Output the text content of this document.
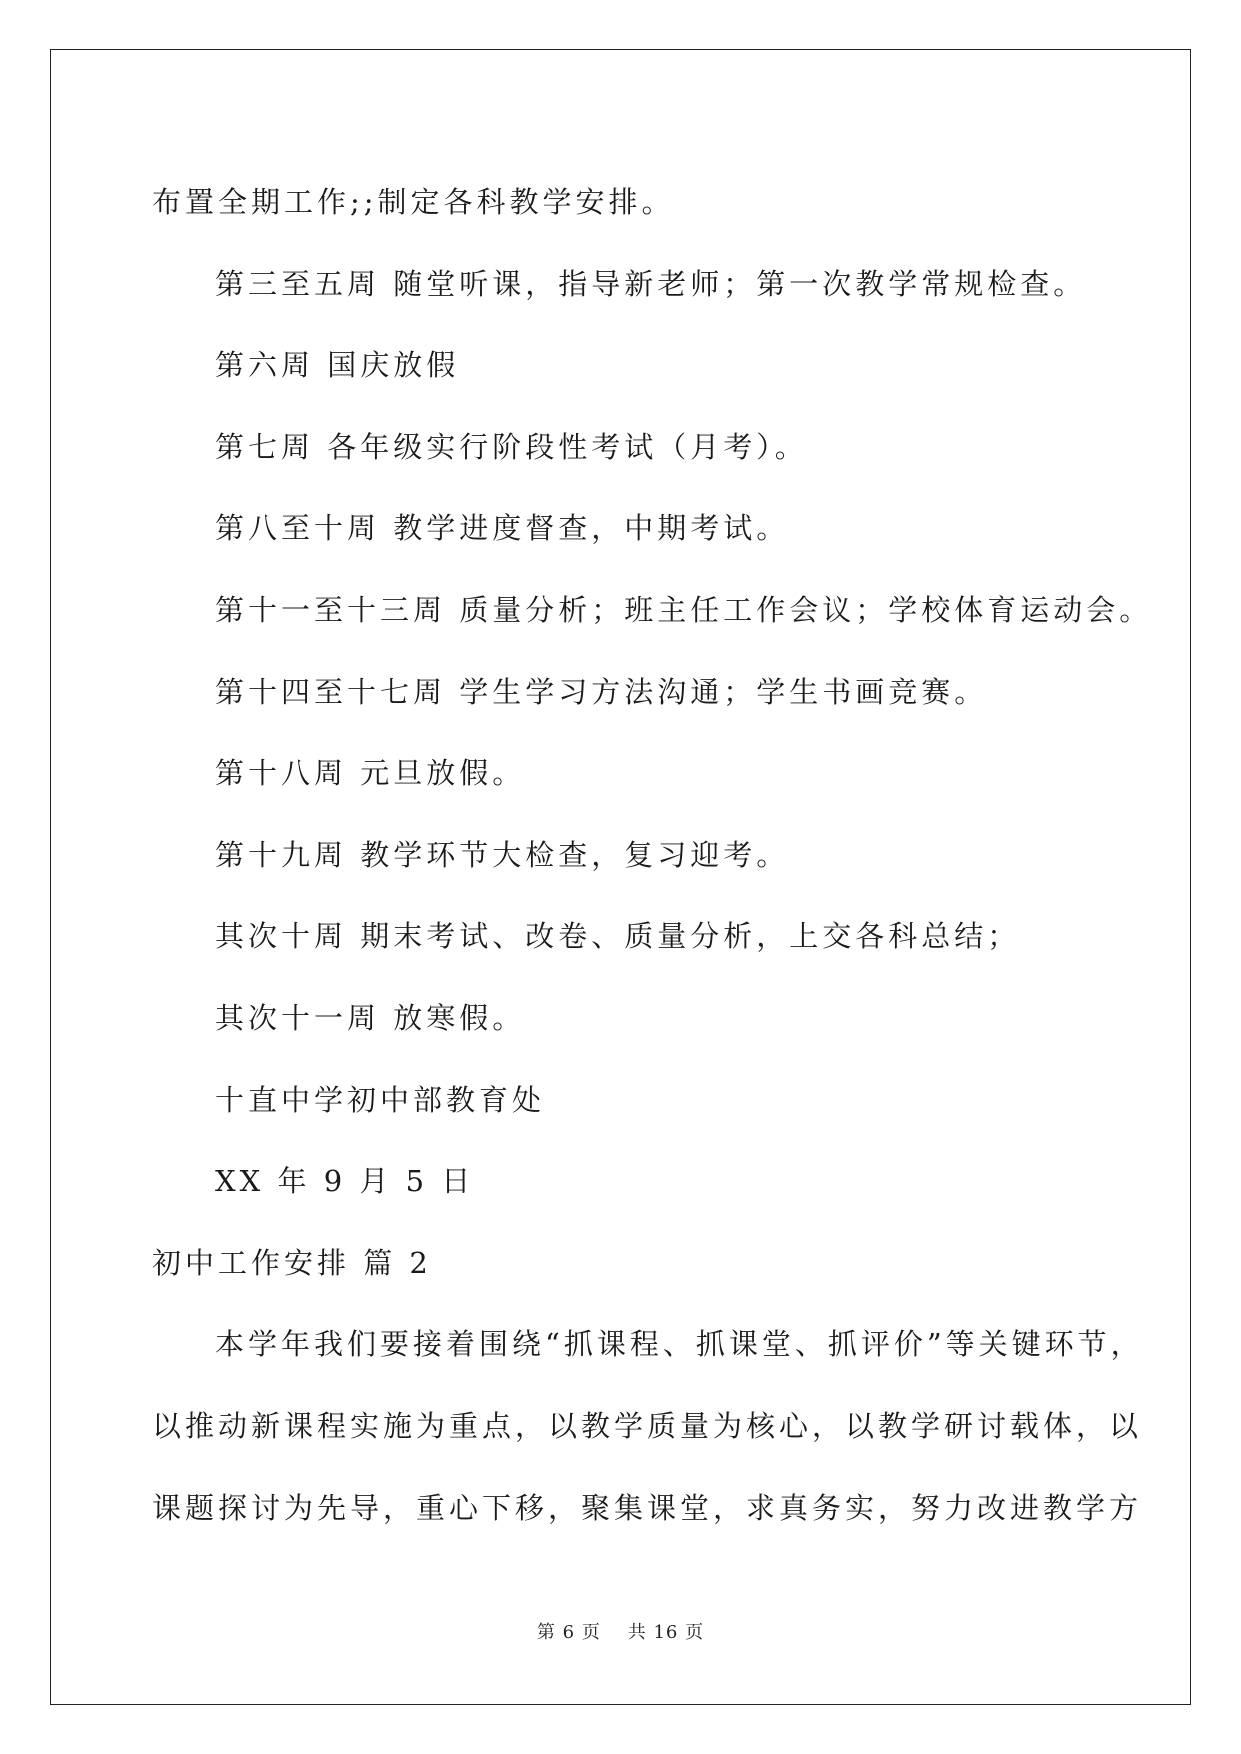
布置全期工作;;制定各科教学安排。
第三至五周 随堂听课，指导新老师；第一次教学常规检查。
第六周 国庆放假
第七周 各年级实行阶段性考试（月考）。
第八至十周 教学进度督查，中期考试。
第十一至十三周 质量分析；班主任工作会议；学校体育运动会。
第十四至十七周 学生学习方法沟通；学生书画竞赛。
第十八周 元旦放假。
第十九周 教学环节大检查，复习迎考。
其次十周 期末考试、改卷、质量分析，上交各科总结；
其次十一周 放寒假。
十直中学初中部教育处
XX 年 9 月 5 日
初中工作安排 篇 2
本学年我们要接着围绕“抓课程、抓课堂、抓评价”等关键环节，
以推动新课程实施为重点，以教学质量为核心，以教学研讨载体，以
课题探讨为先导，重心下移，聚集课堂，求真务实，努力改进教学方
第 6 页 共 16 页
